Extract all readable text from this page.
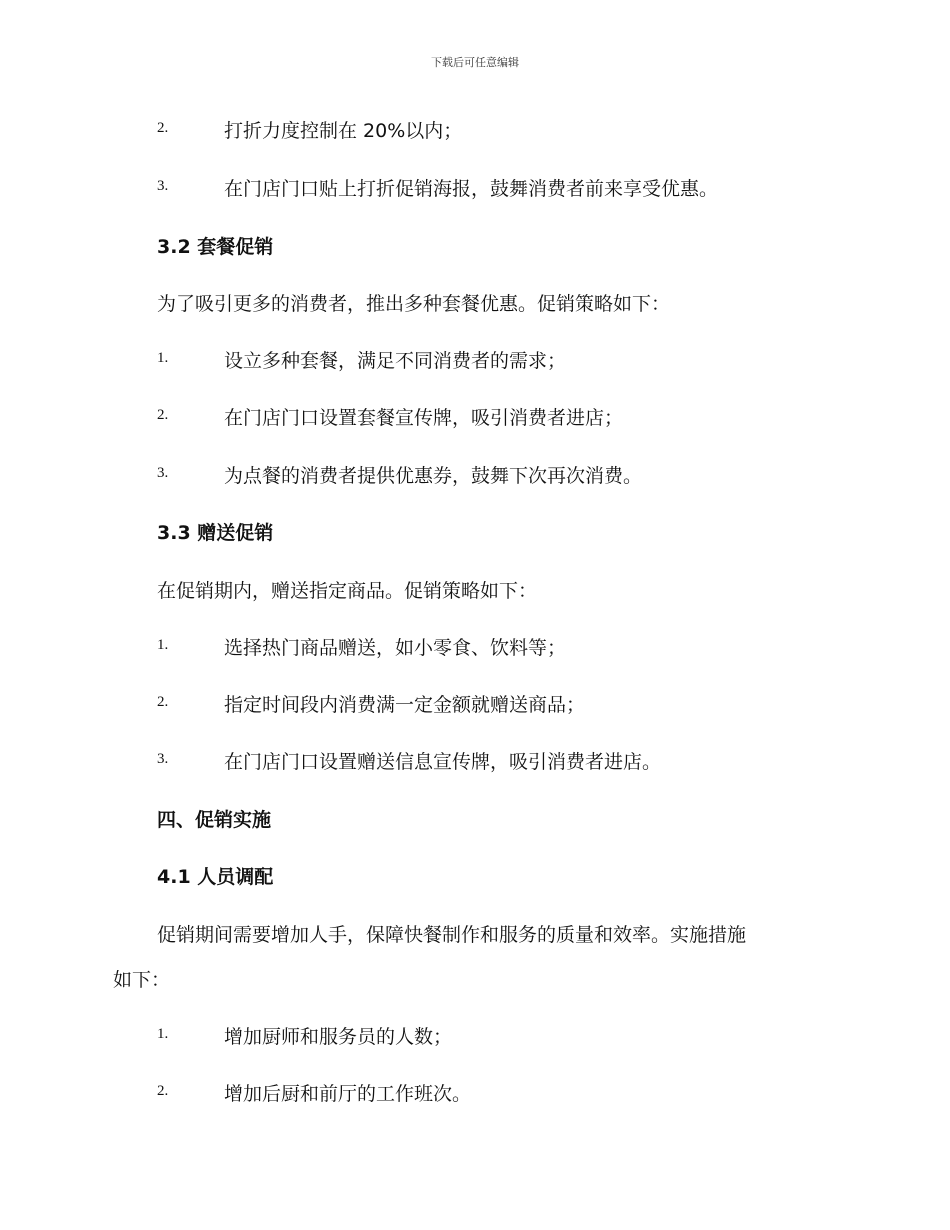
下载后可任意编辑
2.	打折力度控制在 20%以内；
3.	在门店门口贴上打折促销海报，鼓舞消费者前来享受优惠。
3.2 套餐促销
为了吸引更多的消费者，推出多种套餐优惠。促销策略如下：
1.	设立多种套餐，满足不同消费者的需求；
2.	在门店门口设置套餐宣传牌，吸引消费者进店；
3.	为点餐的消费者提供优惠券，鼓舞下次再次消费。
3.3 赠送促销
在促销期内，赠送指定商品。促销策略如下：
1.	选择热门商品赠送，如小零食、饮料等；
2.	指定时间段内消费满一定金额就赠送商品；
3.	在门店门口设置赠送信息宣传牌，吸引消费者进店。
四、促销实施
4.1 人员调配
促销期间需要增加人手，保障快餐制作和服务的质量和效率。实施措施
如下：
1.	增加厨师和服务员的人数；
2.	增加后厨和前厅的工作班次。
